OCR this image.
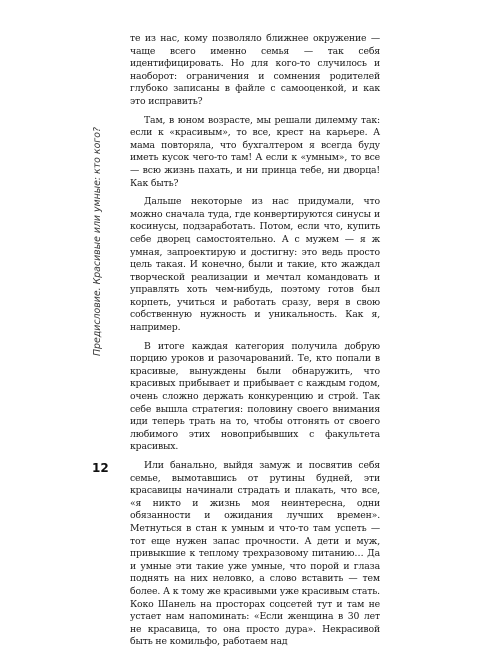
Предисловие. Красивые или умные: кто кого?

те из нас, кому позволяло ближнее окружение — чаще всего именно семья — так себя идентифицировать. Но для кого-то случилось и наоборот: ограничения и сомнения родителей глубоко записаны в файле с самооценкой, и как это исправить?

Там, в юном возрасте, мы решали дилемму так: если к «красивым», то все, крест на карьере. А мама повторяла, что бухгалтером я всегда буду иметь кусок чего-то там! А если к «умным», то все — всю жизнь пахать, и ни принца тебе, ни дворца! Как быть?

Дальше некоторые из нас придумали, что можно сначала туда, где конвертируются синусы и косинусы, подзаработать. Потом, если что, купить себе дворец самостоятельно. А с мужем — я ж умная, запроектирую и достигну: это ведь просто цель такая. И конечно, были и такие, кто жаждал творческой реализации и мечтал командовать и управлять хоть чем-нибудь, поэтому готов был корпеть, учиться и работать сразу, веря в свою собственную нужность и уникальность. Как я, например.

В итоге каждая категория получила добрую порцию уроков и разочарований. Те, кто попали в красивые, вынуждены были обнаружить, что красивых прибывает и прибывает с каждым годом, очень сложно держать конкуренцию и строй. Так себе вышла стратегия: половину своего внимания иди теперь трать на то, чтобы отгонять от своего любимого этих новоприбывших с факультета красивых.

Или банально, выйдя замуж и посвятив себя семье, вымотавшись от рутины будней, эти красавицы начинали страдать и плакать, что все, «я никто и жизнь моя неинтересна, одни обязанности и ожидания лучших времен». Метнуться в стан к умным и что-то там успеть — тот еще нужен запас прочности. А дети и муж, привыкшие к теплому трехразовому питанию… Да и умные эти такие уже умные, что порой и глаза поднять на них неловко, а слово вставить — тем более. А к тому же красивыми уже красивым стать. Коко Шанель на просторах соцсетей тут и там не устает нам напоминать: «Если женщина в 30 лет не красавица, то она просто дура». Некрасивой быть не комильфо, работаем над

12
